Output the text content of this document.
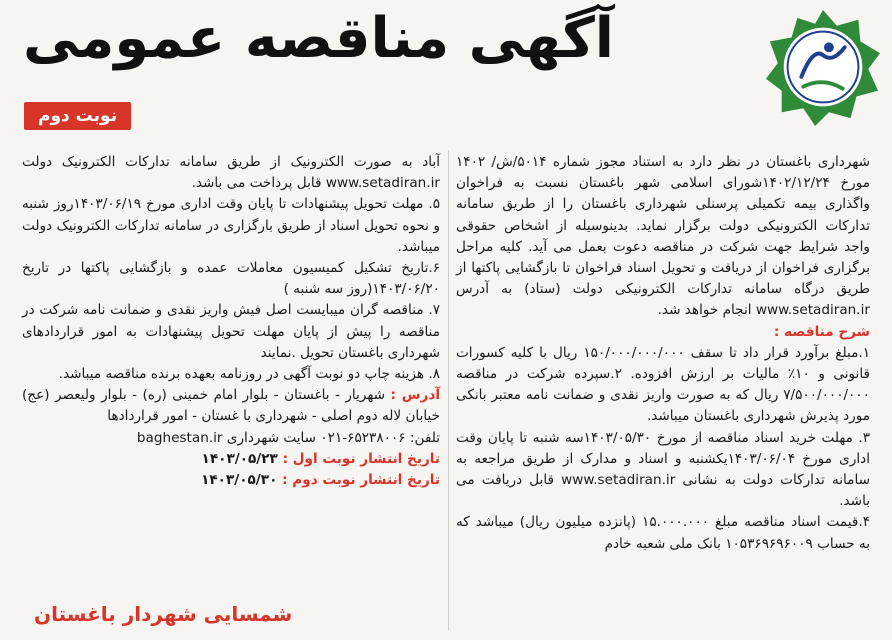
آگهی مناقصه عمومی
نوبت دوم

شهرداری باغستان در نظر دارد به استناد مجوز شماره ۵۰۱۴/ش/ ۱۴۰۲ مورخ ۱۴۰۲/۱۲/۲۴شورای اسلامی شهر باغستان نسبت به فراخوان واگذاری بیمه تکمیلی پرسنلی شهرداری باغستان را از طریق سامانه تدارکات الکترونیکی دولت برگزار نماید. بدینوسیله از اشخاص حقوقی واجد شرایط جهت شرکت در مناقصه دعوت بعمل می آید. کلیه مراحل برگزاری فراخوان از دریافت و تحویل اسناد فراخوان تا بازگشایی پاکتها از طریق درگاه سامانه تدارکات الکترونیکی دولت (ستاد) به آدرس www.setadiran.ir انجام خواهد شد.

شرح مناقصه :

۱.مبلغ برآورد قرار داد تا سقف ۱۵۰/۰۰۰/۰۰۰/۰۰۰ ریال با کلیه کسورات قانونی و ۱۰٪ مالیات بر ارزش افزوده. ۲.سپرده شرکت در مناقصه ۷/۵۰۰/۰۰۰/۰۰۰ ریال که به صورت واریز نقدی و ضمانت نامه معتبر بانکی مورد پذیرش شهرداری باغستان میباشد.

۳. مهلت خرید اسناد مناقصه از مورخ ۱۴۰۳/۰۵/۳۰سه شنبه تا پایان وقت اداری مورخ ۱۴۰۳/۰۶/۰۴یکشنبه و اسناد و مدارک از طریق مراجعه به سامانه تدارکات دولت به نشانی www.setadiran.ir قابل دریافت می باشد.

۴.قیمت اسناد مناقصه مبلغ ۱۵.۰۰۰.۰۰۰ (پانزده میلیون ریال) میباشد که به حساب ۱۰۵۳۶۹۶۹۶۰۰۹ بانک ملی شعبه خادم

آباد به صورت الکترونیک از طریق سامانه تدارکات الکترونیک دولت www.setadiran.ir قابل پرداخت می باشد.

۵. مهلت تحویل پیشنهادات تا پایان وقت اداری مورخ ۱۴۰۳/۰۶/۱۹روز شنبه و نحوه تحویل اسناد از طریق بارگزاری در سامانه تدارکات الکترونیک دولت میباشد.

۶.تاریخ تشکیل کمیسیون معاملات عمده و بازگشایی پاکتها در تاریخ ۱۴۰۳/۰۶/۲۰(روز سه شنبه )

۷. مناقصه گران میبایست اصل فیش واریز نقدی و ضمانت نامه شرکت در مناقصه را پیش از پایان مهلت تحویل پیشنهادات به امور قراردادهای شهرداری باغستان تحویل .نمایند

۸. هزینه چاپ دو نوبت آگهی در روزنامه بعهده برنده مناقصه میباشد.

آدرس : شهریار - باغستان - بلوار امام خمینی (ره) - بلوار ولیعصر (عج) خیابان لاله دوم اصلی - شهرداری با غستان - امور قراردادها

تلفن: ۶۵۲۳۸۰۰۶-۰۲۱ سایت شهرداری baghestan.ir

تاریخ انتشار نوبت اول : ۱۴۰۳/۰۵/۲۳

تاریخ انتشار نوبت دوم : ۱۴۰۳/۰۵/۳۰

شمسایی شهردار باغستان
